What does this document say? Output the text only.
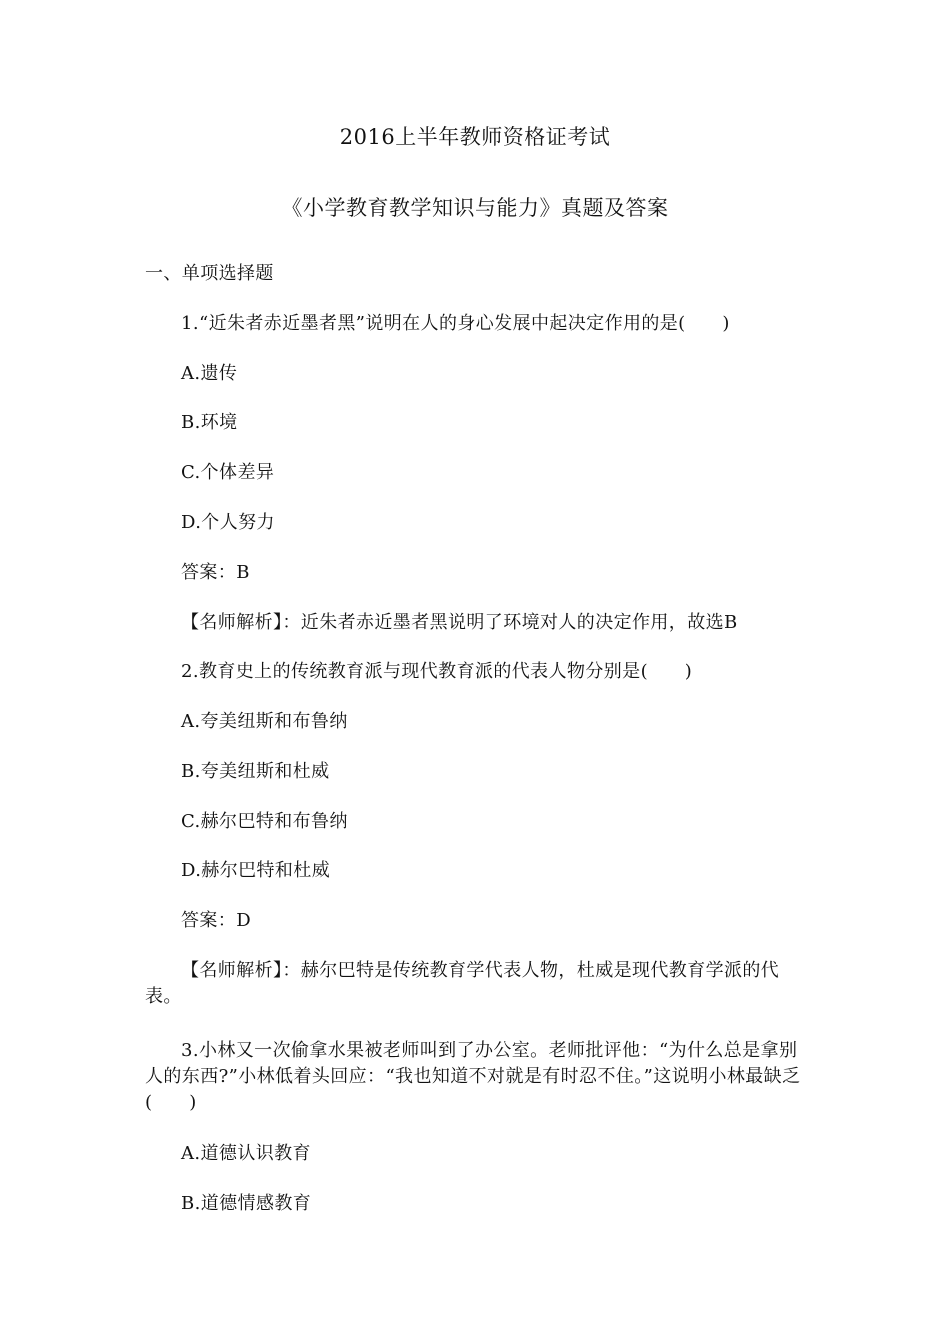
2016上半年教师资格证考试
《小学教育教学知识与能力》真题及答案
一、单项选择题
1.“近朱者赤近墨者黑”说明在人的身心发展中起决定作用的是(　　)
A.遗传
B.环境
C.个体差异
D.个人努力
答案：B
【名师解析】：近朱者赤近墨者黑说明了环境对人的决定作用，故选B
2.教育史上的传统教育派与现代教育派的代表人物分别是(　　)
A.夸美纽斯和布鲁纳
B.夸美纽斯和杜威
C.赫尔巴特和布鲁纳
D.赫尔巴特和杜威
答案：D
【名师解析】：赫尔巴特是传统教育学代表人物，杜威是现代教育学派的代表。
3.小林又一次偷拿水果被老师叫到了办公室。老师批评他：“为什么总是拿别人的东西?”小林低着头回应：“我也知道不对就是有时忍不住。”这说明小林最缺乏(　　)
A.道德认识教育
B.道德情感教育
